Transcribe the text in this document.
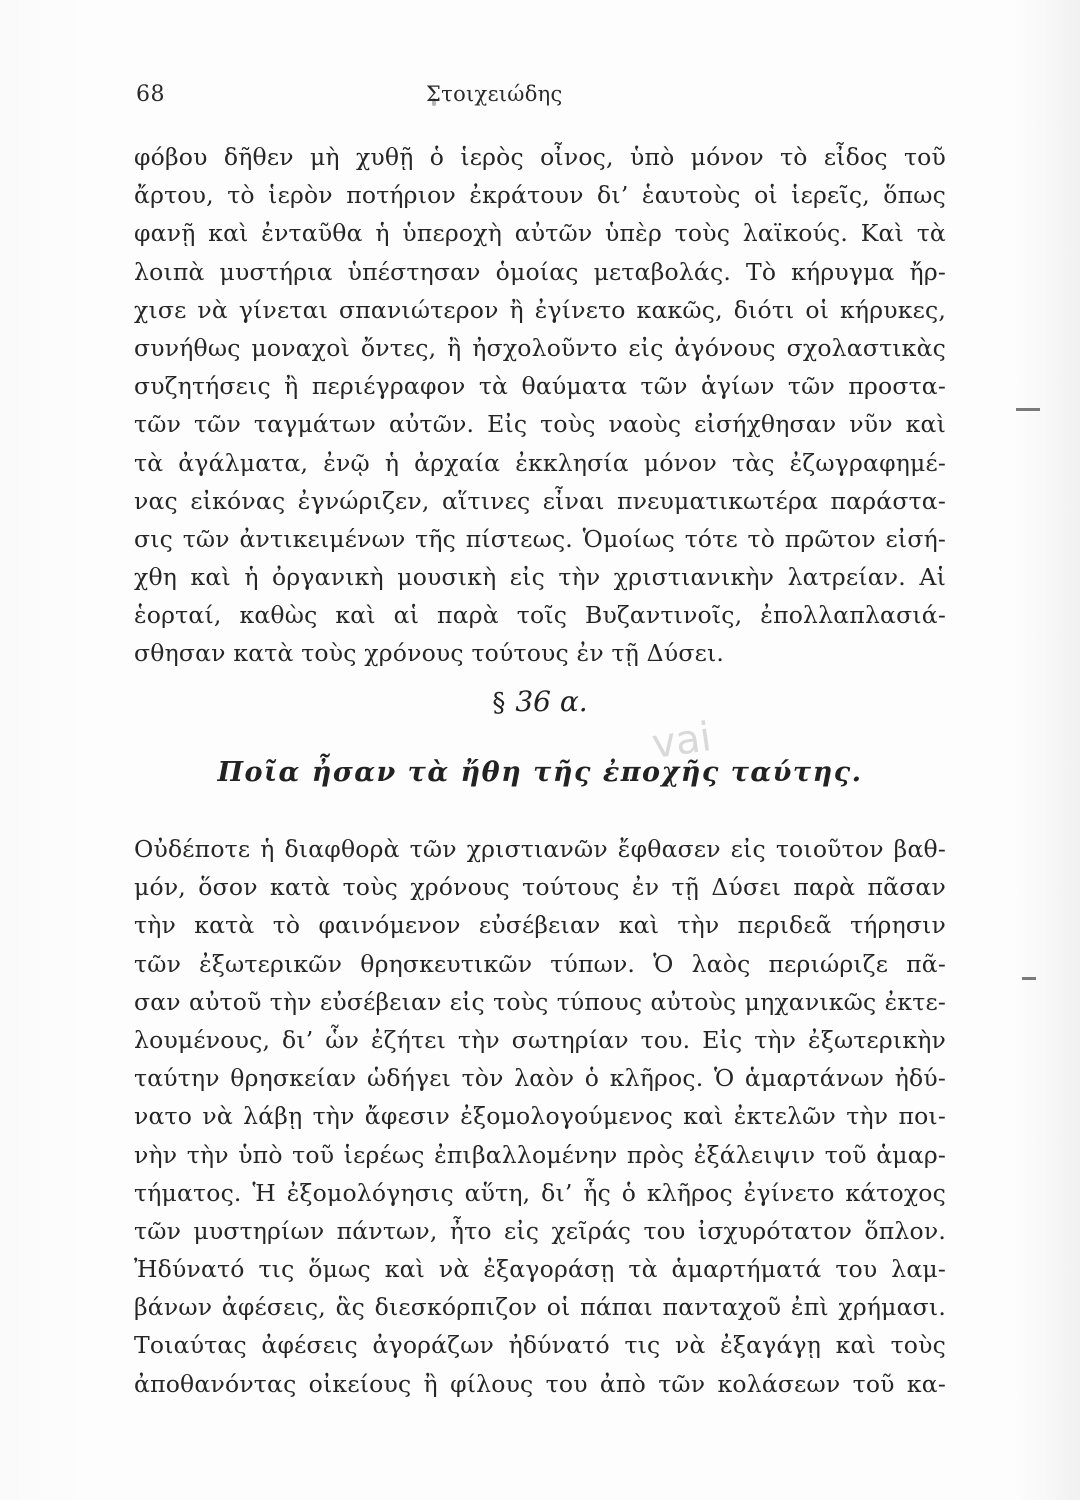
68	Στοιχειώδης
φόβου δῆθεν μὴ χυθῇ ὁ ἱερὸς οἶνος, ὑπὸ μόνον τὸ εἶδος τοῦ
ἄρτου, τὸ ἱερὸν ποτήριον ἐκράτουν δι’ ἑαυτοὺς οἱ ἱερεῖς, ὅπως
φανῇ καὶ ἐνταῦθα ἡ ὑπεροχὴ αὐτῶν ὑπὲρ τοὺς λαϊκούς. Καὶ τὰ
λοιπὰ μυστήρια ὑπέστησαν ὁμοίας μεταβολάς. Τὸ κήρυγμα ἤρ-
χισε νὰ γίνεται σπανιώτερον ἢ ἐγίνετο κακῶς, διότι οἱ κήρυκες,
συνήθως μοναχοὶ ὄντες, ἢ ἠσχολοῦντο εἰς ἀγόνους σχολαστικὰς
συζητήσεις ἢ περιέγραφον τὰ θαύματα τῶν ἁγίων τῶν προστα-
τῶν τῶν ταγμάτων αὐτῶν. Εἰς τοὺς ναοὺς εἰσήχθησαν νῦν καὶ
τὰ ἀγάλματα, ἐνῷ ἡ ἀρχαία ἐκκλησία μόνον τὰς ἐζωγραφημέ-
νας εἰκόνας ἐγνώριζεν, αἵτινες εἶναι πνευματικωτέρα παράστα-
σις τῶν ἀντικειμένων τῆς πίστεως. Ὁμοίως τότε τὸ πρῶτον εἰσή-
χθη καὶ ἡ ὀργανικὴ μουσικὴ εἰς τὴν χριστιανικὴν λατρείαν. Αἱ
ἑορταί, καθὼς καὶ αἱ παρὰ τοῖς Βυζαντινοῖς, ἐπολλαπλασιά-
σθησαν κατὰ τοὺς χρόνους τούτους ἐν τῇ Δύσει.
§ 36 α.
vai
Ποῖα ἦσαν τὰ ἤθη τῆς ἐποχῆς ταύτης.
Οὐδέποτε ἡ διαφθορὰ τῶν χριστιανῶν ἔφθασεν εἰς τοιοῦτον βαθ-
μόν, ὅσον κατὰ τοὺς χρόνους τούτους ἐν τῇ Δύσει παρὰ πᾶσαν
τὴν κατὰ τὸ φαινόμενον εὐσέβειαν καὶ τὴν περιδεᾶ τήρησιν
τῶν ἐξωτερικῶν θρησκευτικῶν τύπων. Ὁ λαὸς περιώριζε πᾶ-
σαν αὐτοῦ τὴν εὐσέβειαν εἰς τοὺς τύπους αὐτοὺς μηχανικῶς ἐκτε-
λουμένους, δι’ ὧν ἐζήτει τὴν σωτηρίαν του. Εἰς τὴν ἐξωτερικὴν
ταύτην θρησκείαν ὡδήγει τὸν λαὸν ὁ κλῆρος. Ὁ ἁμαρτάνων ἠδύ-
νατο νὰ λάβῃ τὴν ἄφεσιν ἐξομολογούμενος καὶ ἐκτελῶν τὴν ποι-
νὴν τὴν ὑπὸ τοῦ ἱερέως ἐπιβαλλομένην πρὸς ἐξάλειψιν τοῦ ἁμαρ-
τήματος. Ἡ ἐξομολόγησις αὕτη, δι’ ἧς ὁ κλῆρος ἐγίνετο κάτοχος
τῶν μυστηρίων πάντων, ἦτο εἰς χεῖράς του ἰσχυρότατον ὅπλον.
Ἠδύνατό τις ὅμως καὶ νὰ ἐξαγοράσῃ τὰ ἁμαρτήματά του λαμ-
βάνων ἀφέσεις, ἃς διεσκόρπιζον οἱ πάπαι πανταχοῦ ἐπὶ χρήμασι.
Τοιαύτας ἀφέσεις ἀγοράζων ἠδύνατό τις νὰ ἐξαγάγῃ καὶ τοὺς
ἀποθανόντας οἰκείους ἢ φίλους του ἀπὸ τῶν κολάσεων τοῦ κα-
